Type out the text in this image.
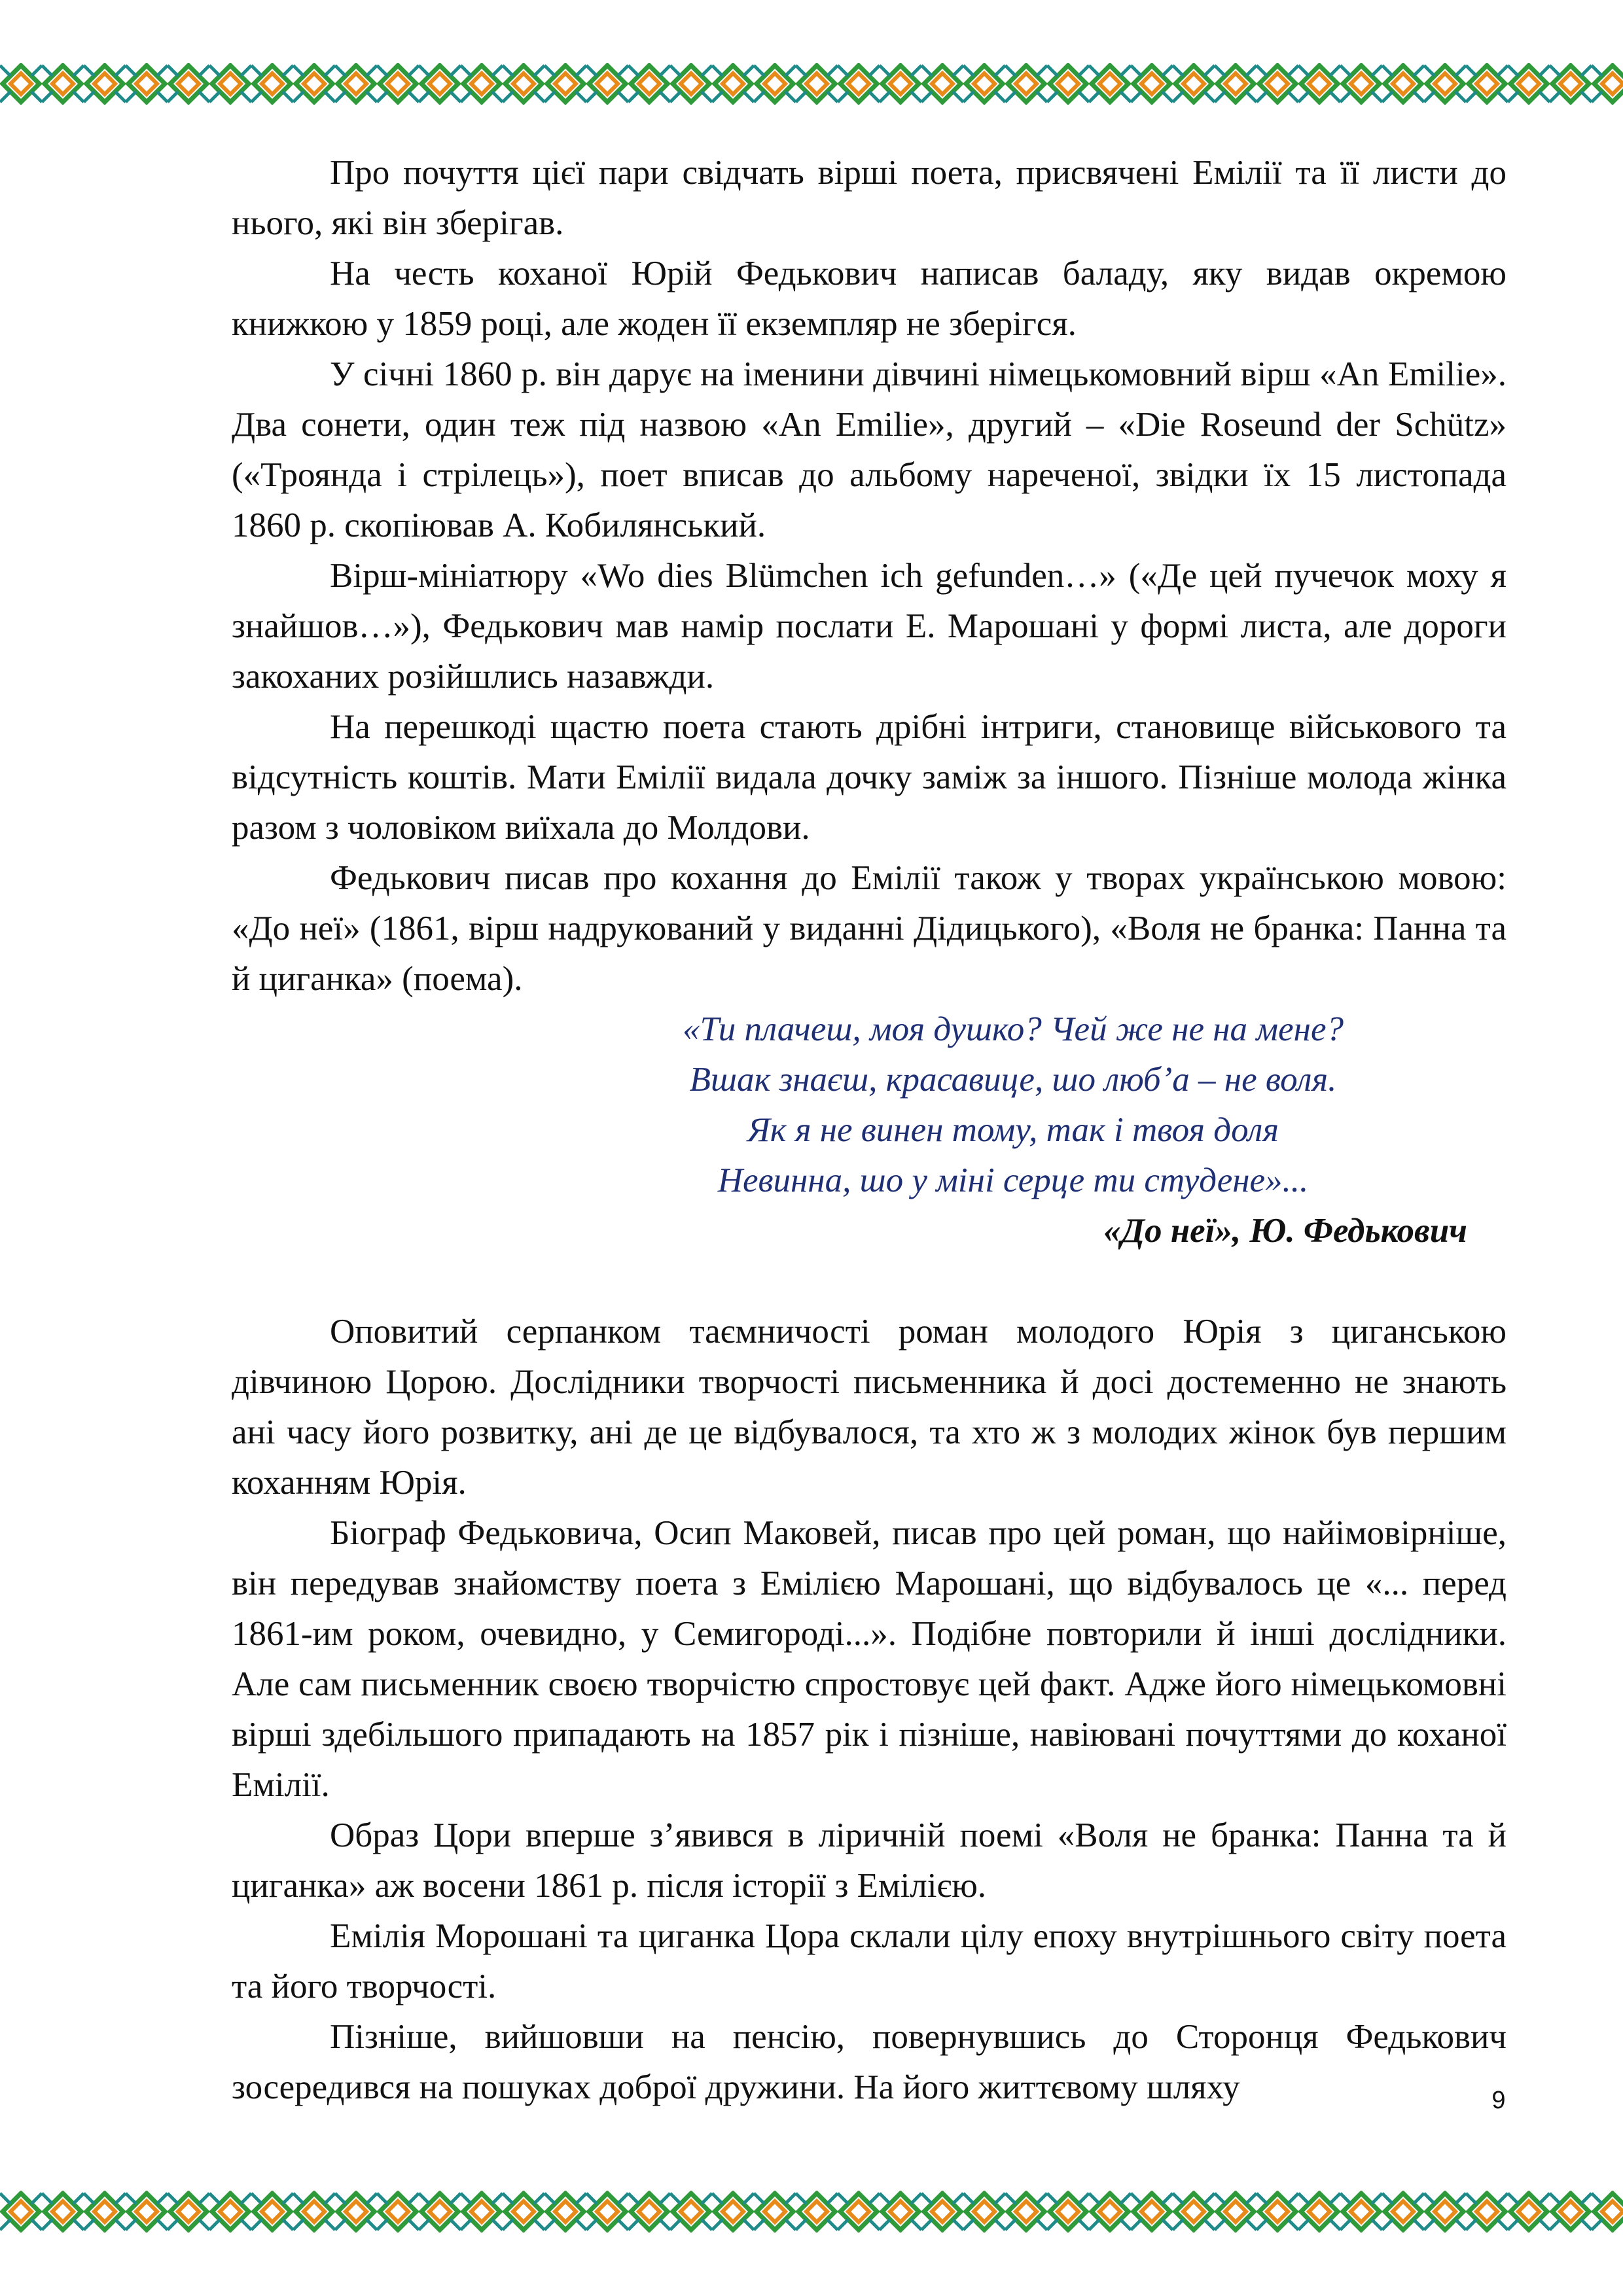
Про почуття цієї пари свідчать вірші поета, присвячені Емілії та її листи до нього, які він зберігав.

На честь коханої Юрій Федькович написав баладу, яку видав окремою книжкою у 1859 році, але жоден її екземпляр не зберігся.

У січні 1860 р. він дарує на іменини дівчині німецькомовний вірш «An Emilie». Два сонети, один теж під назвою «An Emilie», другий – «Die Roseund der Schütz» («Троянда і стрілець»), поет вписав до альбому нареченої, звідки їх 15 листопада 1860 р. скопіював А. Кобилянський.

Вірш-мініатюру «Wo dies Blümchen ich gefunden…» («Де цей пучечок моху я знайшов…»), Федькович мав намір послати Е. Марошані у формі листа, але дороги закоханих розійшлись назавжди.

На перешкоді щастю поета стають дрібні інтриги, становище військового та відсутність коштів. Мати Емілії видала дочку заміж за іншого. Пізніше молода жінка разом з чоловіком виїхала до Молдови.

Федькович писав про кохання до Емілії також у творах українською мовою: «До неї» (1861, вірш надрукований у виданні Дідицького), «Воля не бранка: Панна та й циганка» (поема).

«Ти плачеш, моя душко? Чей же не на мене?
Вшак знаєш, красавице, шо люб’а – не воля.
Як я не винен тому, так і твоя доля
Невинна, шо у міні серце ти студене»...

«До неї», Ю. Федькович

Оповитий серпанком таємничості роман молодого Юрія з циганською дівчиною Цорою. Дослідники творчості письменника й досі достеменно не знають ані часу його розвитку, ані де це відбувалося, та хто ж з молодих жінок був першим коханням Юрія.

Біограф Федьковича, Осип Маковей, писав про цей роман, що найімовірніше, він передував знайомству поета з Емілією Марошані, що відбувалось це «... перед 1861-им роком, очевидно, у Семигороді...». Подібне повторили й інші дослідники. Але сам письменник своєю творчістю спростовує цей факт. Адже його німецькомовні вірші здебільшого припадають на 1857 рік і пізніше, навіювані почуттями до коханої Емілії.

Образ Цори вперше з’явився в ліричній поемі «Воля не бранка: Панна та й циганка» аж восени 1861 р. після історії з Емілією.

Емілія Морошані та циганка Цора склали цілу епоху внутрішнього світу поета та його творчості.

Пізніше, вийшовши на пенсію, повернувшись до Сторонця Федькович зосередився на пошуках доброї дружини. На його життєвому шляху	9
